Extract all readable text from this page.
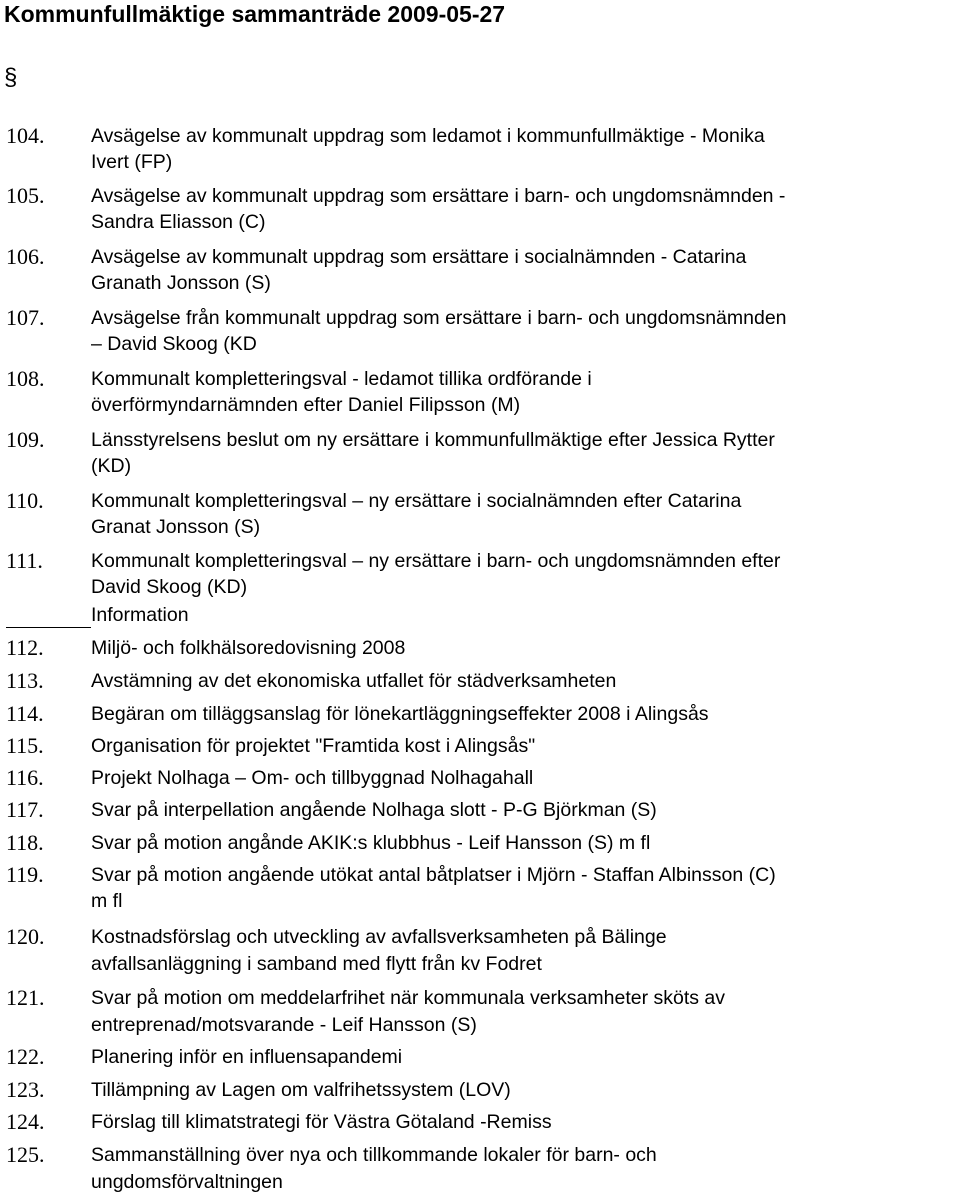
Kommunfullmäktige sammanträde 2009-05-27
§
104. Avsägelse av kommunalt uppdrag som ledamot i kommunfullmäktige - Monika
Ivert (FP)
105. Avsägelse av kommunalt uppdrag som ersättare i barn- och ungdomsnämnden -
Sandra Eliasson (C)
106. Avsägelse av kommunalt uppdrag som ersättare i socialnämnden - Catarina
Granath Jonsson (S)
107. Avsägelse från kommunalt uppdrag som ersättare i barn- och ungdomsnämnden
– David Skoog (KD
108. Kommunalt kompletteringsval - ledamot tillika ordförande i
överförmyndarnämnden efter Daniel Filipsson (M)
109. Länsstyrelsens beslut om ny ersättare i kommunfullmäktige efter Jessica Rytter
(KD)
110. Kommunalt kompletteringsval – ny ersättare i socialnämnden efter Catarina
Granat Jonsson (S)
111. Kommunalt kompletteringsval – ny ersättare i barn- och ungdomsnämnden efter
David Skoog (KD)
Information
112. Miljö- och folkhälsoredovisning 2008
113. Avstämning av det ekonomiska utfallet för städverksamheten
114. Begäran om tilläggsanslag för lönekartläggningseffekter 2008 i Alingsås
115. Organisation för projektet "Framtida kost i Alingsås"
116. Projekt Nolhaga – Om- och tillbyggnad Nolhagahall
117. Svar på interpellation angående Nolhaga slott - P-G Björkman (S)
118. Svar på motion angånde AKIK:s klubbhus - Leif Hansson (S) m fl
119. Svar på motion angående utökat antal båtplatser i Mjörn - Staffan Albinsson (C)
m fl
120. Kostnadsförslag och utveckling av avfallsverksamheten på Bälinge
avfallsanläggning i samband med flytt från kv Fodret
121. Svar på motion om meddelarfrihet när kommunala verksamheter sköts av
entreprenad/motsvarande - Leif Hansson (S)
122. Planering inför en influensapandemi
123. Tillämpning av Lagen om valfrihetssystem (LOV)
124. Förslag till klimatstrategi för Västra Götaland -Remiss
125. Sammanställning över nya och tillkommande lokaler för barn- och
ungdomsförvaltningen
